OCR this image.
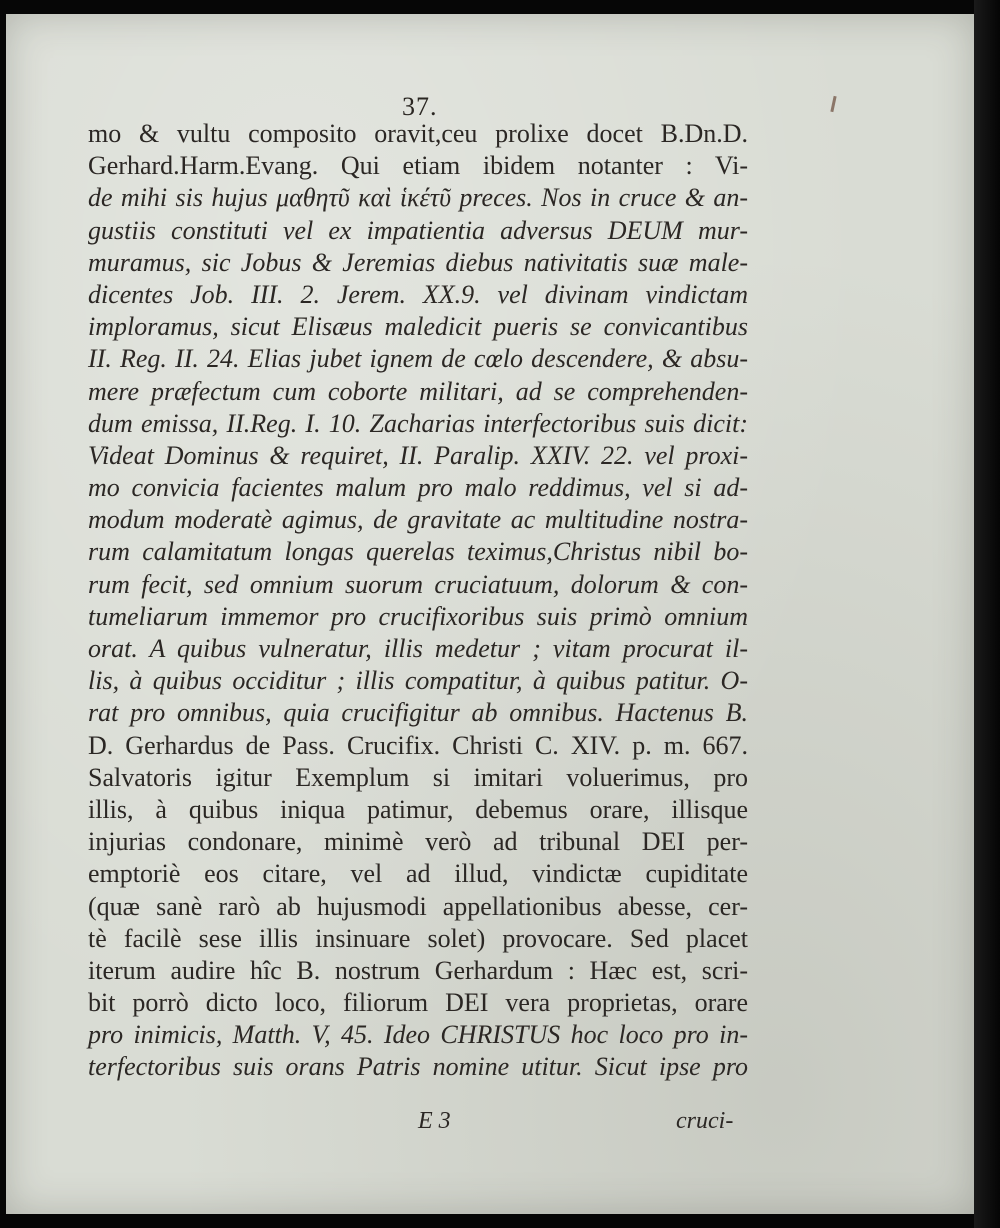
37.
mo & vultu composito oravit,ceu prolixe docet B.Dn.D.
Gerhard.Harm.Evang. Qui etiam ibidem notanter : Vi-
de mihi sis hujus μαθητῦ καὶ ἱκέτῦ preces. Nos in cruce & an-
gustiis constituti vel ex impatientia adversus DEUM mur-
muramus, sic Jobus & Jeremias diebus nativitatis suæ male-
dicentes Job. III. 2. Jerem. XX.9. vel divinam vindictam
imploramus, sicut Elisæus maledicit pueris se convicantibus
II. Reg. II. 24. Elias jubet ignem de cœlo descendere, & absu-
mere præfectum cum coborte militari, ad se comprehenden-
dum emissa, II.Reg. I. 10. Zacharias interfectoribus suis dicit:
Videat Dominus & requiret, II. Paralip. XXIV. 22. vel proxi-
mo convicia facientes malum pro malo reddimus, vel si ad-
modum moderatè agimus, de gravitate ac multitudine nostra-
rum calamitatum longas querelas teximus,Christus nibil bo-
rum fecit, sed omnium suorum cruciatuum, dolorum & con-
tumeliarum immemor pro crucifixoribus suis primò omnium
orat. A quibus vulneratur, illis medetur ; vitam procurat il-
lis, à quibus occiditur ; illis compatitur, à quibus patitur. O-
rat pro omnibus, quia crucifigitur ab omnibus. Hactenus B.
D. Gerhardus de Pass. Crucifix. Christi C. XIV. p. m. 667.
Salvatoris igitur Exemplum si imitari voluerimus, pro
illis, à quibus iniqua patimur, debemus orare, illisque
injurias condonare, minimè verò ad tribunal DEI per-
emptoriè eos citare, vel ad illud, vindictæ cupiditate
(quæ sanè rarò ab hujusmodi appellationibus abesse, cer-
tè facilè sese illis insinuare solet) provocare. Sed placet
iterum audire hîc B. nostrum Gerhardum : Hæc est, scri-
bit porrò dicto loco, filiorum DEI vera proprietas, orare
pro inimicis, Matth. V, 45. Ideo CHRISTUS hoc loco pro in-
terfectoribus suis orans Patris nomine utitur. Sicut ipse pro
E 3	cruci-
